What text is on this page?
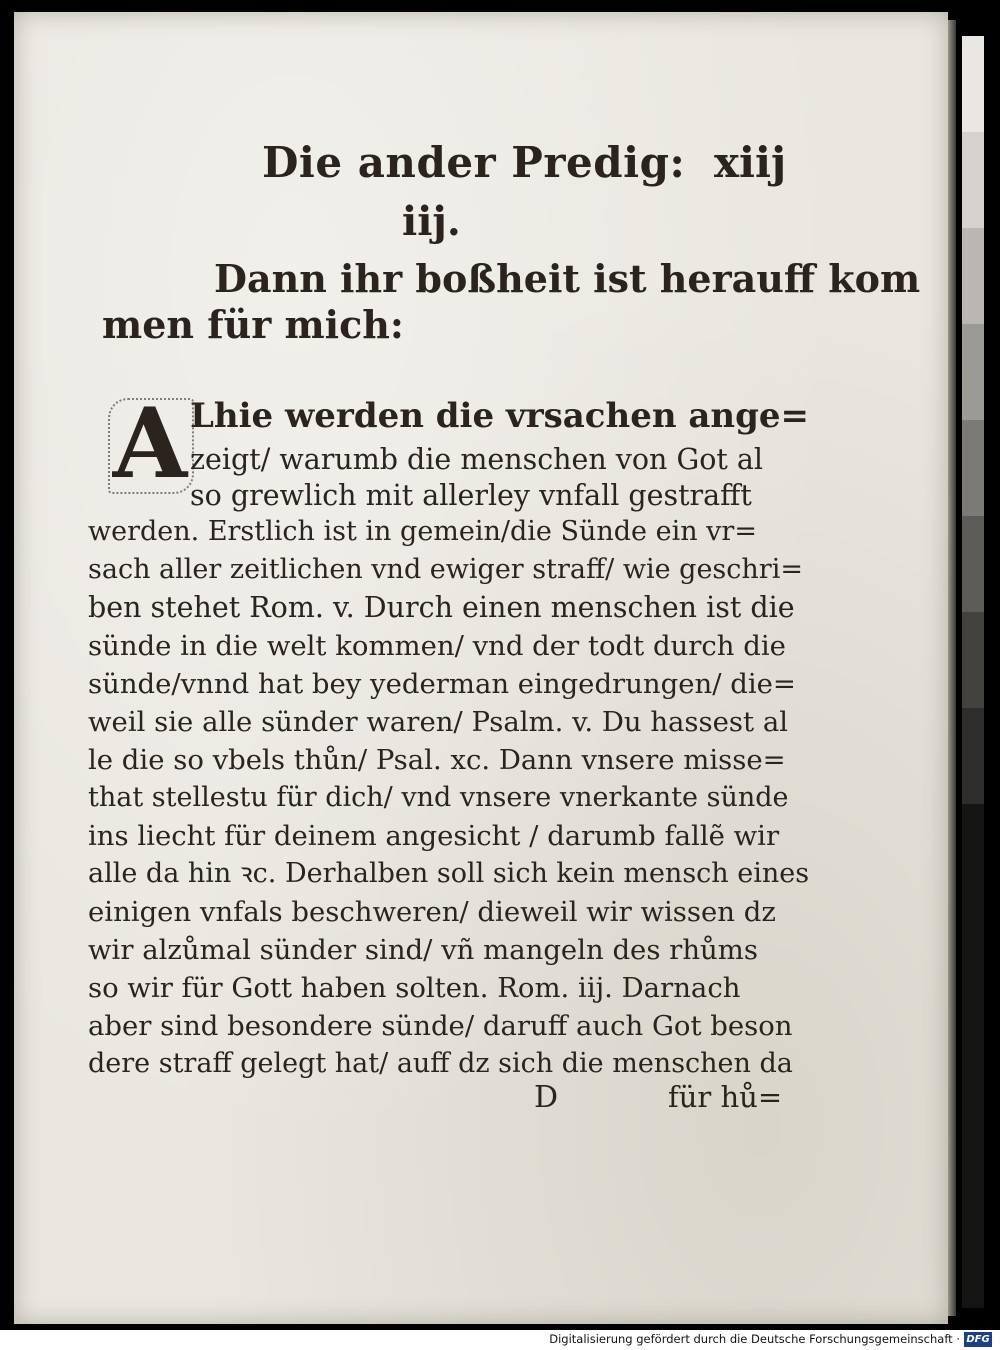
Die ander Predig: xiij
iij.
Dann ihr boßheit ist herauff kom
men für mich:
A Lhie werden die vrsachen ange=
zeigt/ warumb die menschen von Got al
so grewlich mit allerley vnfall gestrafft
werden. Erstlich ist in gemein/die Sünde ein vr=
sach aller zeitlichen vnd ewiger straff/ wie geschri=
ben stehet Rom. v. Durch einen menschen ist die
sünde in die welt kommen/ vnd der todt durch die
sünde/vnnd hat bey yederman eingedrungen/ die=
weil sie alle sünder waren/ Psalm. v. Du hassest al
le die so vbels thůn/ Psal. xc. Dann vnsere misse=
that stellestu für dich/ vnd vnsere vnerkante sünde
ins liecht für deinem angesicht / darumb fallẽ wir
alle da hin ꝛc. Derhalben soll sich kein mensch eines
einigen vnfals beschweren/ dieweil wir wissen dz
wir alzůmal sünder sind/ vñ mangeln des rhůms
so wir für Gott haben solten. Rom. iij. Darnach
aber sind besondere sünde/ daruff auch Got beson
dere straff gelegt hat/ auff dz sich die menschen da
D	für hů=
Digitalisierung gefördert durch die Deutsche Forschungsgemeinschaft · DFG
